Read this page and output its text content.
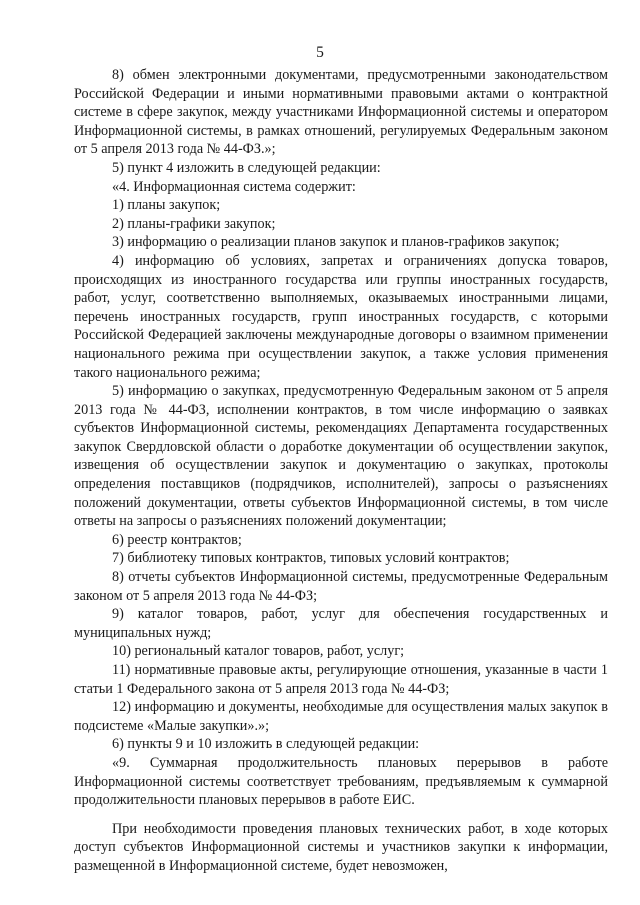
5

8) обмен электронными документами, предусмотренными законодательством Российской Федерации и иными нормативными правовыми актами о контрактной системе в сфере закупок, между участниками Информационной системы и оператором Информационной системы, в рамках отношений, регулируемых Федеральным законом от 5 апреля 2013 года № 44-ФЗ.»;

5) пункт 4 изложить в следующей редакции:

«4. Информационная система содержит:

1) планы закупок;

2) планы-графики закупок;

3) информацию о реализации планов закупок и планов-графиков закупок;

4) информацию об условиях, запретах и ограничениях допуска товаров, происходящих из иностранного государства или группы иностранных государств, работ, услуг, соответственно выполняемых, оказываемых иностранными лицами, перечень иностранных государств, групп иностранных государств, с которыми Российской Федерацией заключены международные договоры о взаимном применении национального режима при осуществлении закупок, а также условия применения такого национального режима;

5) информацию о закупках, предусмотренную Федеральным законом от 5 апреля 2013 года № 44-ФЗ, исполнении контрактов, в том числе информацию о заявках субъектов Информационной системы, рекомендациях Департамента государственных закупок Свердловской области о доработке документации об осуществлении закупок, извещения об осуществлении закупок и документацию о закупках, протоколы определения поставщиков (подрядчиков, исполнителей), запросы о разъяснениях положений документации, ответы субъектов Информационной системы, в том числе ответы на запросы о разъяснениях положений документации;

6) реестр контрактов;

7) библиотеку типовых контрактов, типовых условий контрактов;

8) отчеты субъектов Информационной системы, предусмотренные Федеральным законом от 5 апреля 2013 года № 44-ФЗ;

9) каталог товаров, работ, услуг для обеспечения государственных и муниципальных нужд;

10) региональный каталог товаров, работ, услуг;

11) нормативные правовые акты, регулирующие отношения, указанные в части 1 статьи 1 Федерального закона от 5 апреля 2013 года № 44-ФЗ;

12) информацию и документы, необходимые для осуществления малых закупок в подсистеме «Малые закупки».»;

6) пункты 9 и 10 изложить в следующей редакции:

«9. Суммарная продолжительность плановых перерывов в работе Информационной системы соответствует требованиям, предъявляемым к суммарной продолжительности плановых перерывов в работе ЕИС.

При необходимости проведения плановых технических работ, в ходе которых доступ субъектов Информационной системы и участников закупки к информации, размещенной в Информационной системе, будет невозможен,
